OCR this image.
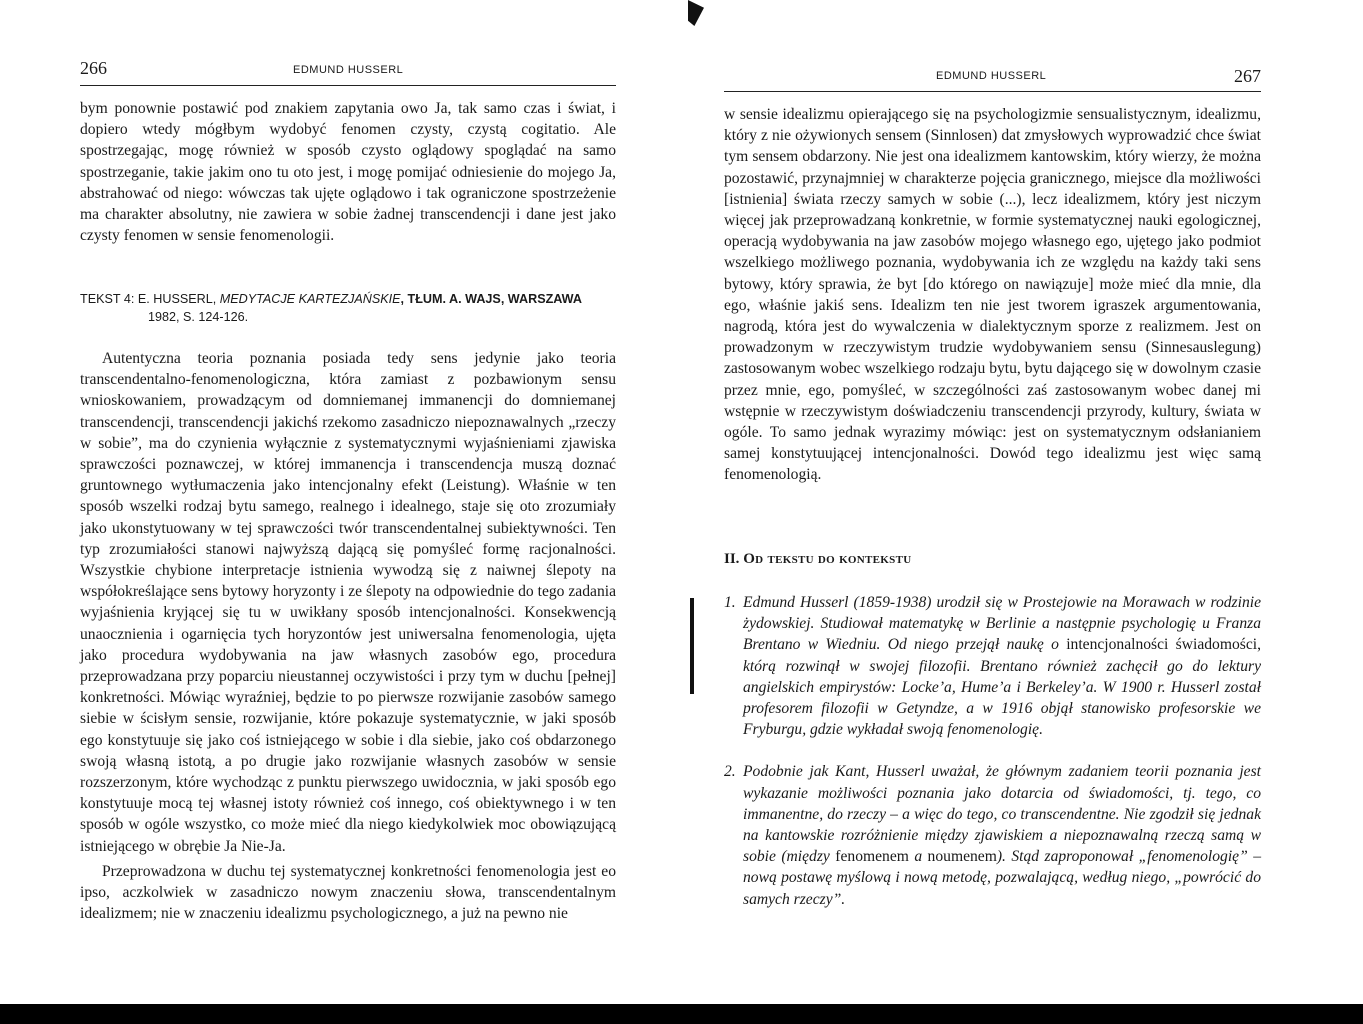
266	EDMUND HUSSERL

bym ponownie postawić pod znakiem zapytania owo Ja, tak samo czas i świat, i dopiero wtedy mógłbym wydobyć fenomen czysty, czystą cogitatio. Ale spostrzegając, mogę również w sposób czysto oglądowy spoglądać na samo spostrzeganie, takie jakim ono tu oto jest, i mogę pomijać odniesienie do mojego Ja, abstrahować od niego: wówczas tak ujęte oglądowo i tak ograniczone spostrzeżenie ma charakter absolutny, nie zawiera w sobie żadnej transcendencji i dane jest jako czysty fenomen w sensie fenomenologii.

TEKST 4: E. HUSSERL, MEDYTACJE KARTEZJAŃSKIE, TŁUM. A. WAJS, WARSZAWA
1982, S. 124-126.

Autentyczna teoria poznania posiada tedy sens jedynie jako teoria transcendentalno-fenomenologiczna, która zamiast z pozbawionym sensu wnioskowaniem, prowadzącym od domniemanej immanencji do domniemanej transcendencji, transcendencji jakichś rzekomo zasadniczo niepoznawalnych „rzeczy w sobie”, ma do czynienia wyłącznie z systematycznymi wyjaśnieniami zjawiska sprawczości poznawczej, w której immanencja i transcendencja muszą doznać gruntownego wytłumaczenia jako intencjonalny efekt (Leistung). Właśnie w ten sposób wszelki rodzaj bytu samego, realnego i idealnego, staje się oto zrozumiały jako ukonstytuowany w tej sprawczości twór transcendentalnej subiektywności. Ten typ zrozumiałości stanowi najwyższą dającą się pomyśleć formę racjonalności. Wszystkie chybione interpretacje istnienia wywodzą się z naiwnej ślepoty na współokreślające sens bytowy horyzonty i ze ślepoty na odpowiednie do tego zadania wyjaśnienia kryjącej się tu w uwikłany sposób intencjonalności. Konsekwencją unaocznienia i ogarnięcia tych horyzontów jest uniwersalna fenomenologia, ujęta jako procedura wydobywania na jaw własnych zasobów ego, procedura przeprowadzana przy poparciu nieustannej oczywistości i przy tym w duchu [pełnej] konkretności. Mówiąc wyraźniej, będzie to po pierwsze rozwijanie zasobów samego siebie w ścisłym sensie, rozwijanie, które pokazuje systematycznie, w jaki sposób ego konstytuuje się jako coś istniejącego w sobie i dla siebie, jako coś obdarzonego swoją własną istotą, a po drugie jako rozwijanie własnych zasobów w sensie rozszerzonym, które wychodząc z punktu pierwszego uwidocznia, w jaki sposób ego konstytuuje mocą tej własnej istoty również coś innego, coś obiektywnego i w ten sposób w ogóle wszystko, co może mieć dla niego kiedykolwiek moc obowiązującą istniejącego w obrębie Ja Nie-Ja.

Przeprowadzona w duchu tej systematycznej konkretności fenomenologia jest eo ipso, aczkolwiek w zasadniczo nowym znaczeniu słowa, transcendentalnym idealizmem; nie w znaczeniu idealizmu psychologicznego, a już na pewno nie

EDMUND HUSSERL	267

w sensie idealizmu opierającego się na psychologizmie sensualistycznym, idealizmu, który z nie ożywionych sensem (Sinnlosen) dat zmysłowych wyprowadzić chce świat tym sensem obdarzony. Nie jest ona idealizmem kantowskim, który wierzy, że można pozostawić, przynajmniej w charakterze pojęcia granicznego, miejsce dla możliwości [istnienia] świata rzeczy samych w sobie (...), lecz idealizmem, który jest niczym więcej jak przeprowadzaną konkretnie, w formie systematycznej nauki egologicznej, operacją wydobywania na jaw zasobów mojego własnego ego, ujętego jako podmiot wszelkiego możliwego poznania, wydobywania ich ze względu na każdy taki sens bytowy, który sprawia, że byt [do którego on nawiązuje] może mieć dla mnie, dla ego, właśnie jakiś sens. Idealizm ten nie jest tworem igraszek argumentowania, nagrodą, która jest do wywalczenia w dialektycznym sporze z realizmem. Jest on prowadzonym w rzeczywistym trudzie wydobywaniem sensu (Sinnesauslegung) zastosowanym wobec wszelkiego rodzaju bytu, bytu dającego się w dowolnym czasie przez mnie, ego, pomyśleć, w szczególności zaś zastosowanym wobec danej mi wstępnie w rzeczywistym doświadczeniu transcendencji przyrody, kultury, świata w ogóle. To samo jednak wyrazimy mówiąc: jest on systematycznym odsłanianiem samej konstytuującej intencjonalności. Dowód tego idealizmu jest więc samą fenomenologią.

II. Od tekstu do kontekstu
1. Edmund Husserl (1859-1938) urodził się w Prostejowie na Morawach w rodzinie żydowskiej. Studiował matematykę w Berlinie a następnie psychologię u Franza Brentano w Wiedniu. Od niego przejął naukę o intencjonalności świadomości, którą rozwinął w swojej filozofii. Brentano również zachęcił go do lektury angielskich empirystów: Locke’a, Hume’a i Berkeley’a. W 1900 r. Husserl został profesorem filozofii w Getyndze, a w 1916 objął stanowisko profesorskie we Fryburgu, gdzie wykładał swoją fenomenologię.
2. Podobnie jak Kant, Husserl uważał, że głównym zadaniem teorii poznania jest wykazanie możliwości poznania jako dotarcia od świadomości, tj. tego, co immanentne, do rzeczy – a więc do tego, co transcendentne. Nie zgodził się jednak na kantowskie rozróżnienie między zjawiskiem a niepoznawalną rzeczą samą w sobie (między fenomenem a noumenem). Stąd zaproponował „fenomenologię” – nową postawę myślową i nową metodę, pozwalającą, według niego, „powrócić do samych rzeczy”.
